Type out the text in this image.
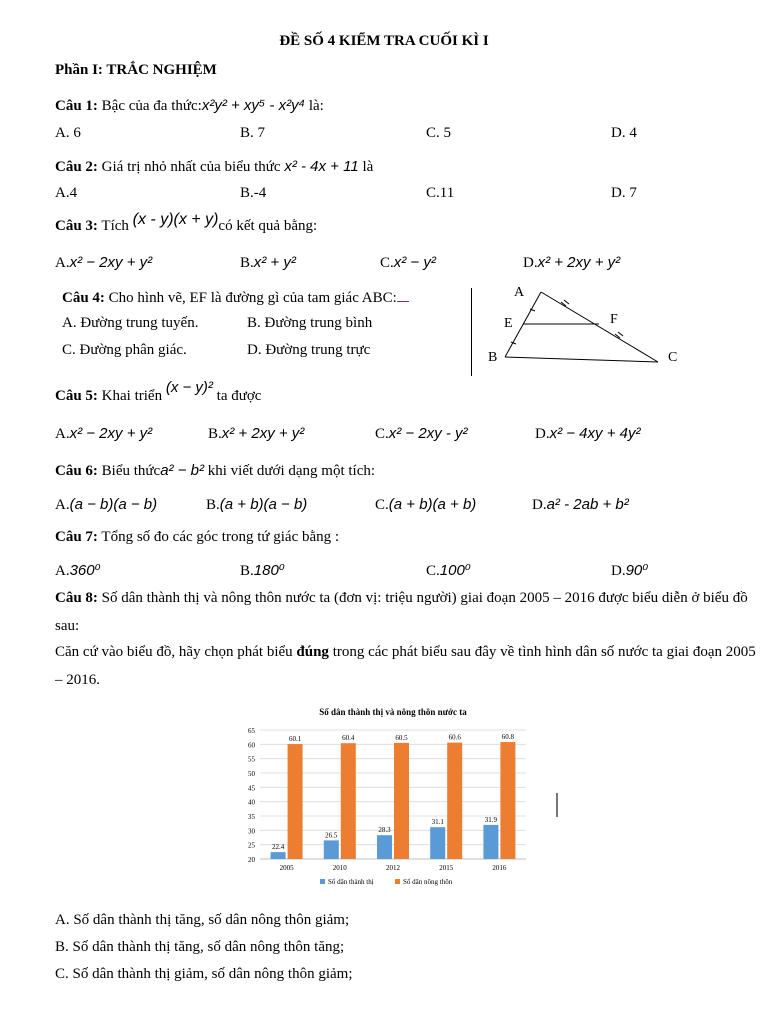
ĐỀ SỐ 4 KIỂM TRA CUỐI KÌ I
Phần I: TRẮC NGHIỆM
Câu 1: Bậc của đa thức:x²y² + xy⁵ - x²y⁴ là:
A. 6	B. 7	C. 5	D. 4
Câu 2: Giá trị nhỏ nhất của biểu thức x² - 4x + 11 là
A.4	B.-4	C.11	D. 7
Câu 3: Tích (x - y)(x + y)có kết quả bằng:
A.x² − 2xy + y²	B.x² + y²	C.x² − y²	D.x² + 2xy + y²
Câu 4: Cho hình vẽ, EF là đường gì của tam giác ABC:
A. Đường trung tuyến.	B. Đường trung bình
C. Đường phân giác.	D. Đường trung trực
A
E	F
B	C
Câu 5: Khai triển (x − y)² ta được
A.x² − 2xy + y²	B.x² + 2xy + y²	C.x² − 2xy - y²	D.x² − 4xy + 4y²
Câu 6: Biểu thứca² − b² khi viết dưới dạng một tích:
A.(a − b)(a − b)	B.(a + b)(a − b)	C.(a + b)(a + b)	D.a² - 2ab + b²
Câu 7: Tổng số đo các góc trong tứ giác bằng :
A.360⁰	B.180⁰	C.100⁰	D.90⁰
Câu 8: Số dân thành thị và nông thôn nước ta (đơn vị: triệu người) giai đoạn 2005 – 2016 được biểu diễn ở biểu đồ sau:
Căn cứ vào biểu đồ, hãy chọn phát biểu đúng trong các phát biểu sau đây về tình hình dân số nước ta giai đoạn 2005 – 2016.
Số dân thành thị và nông thôn nước ta
20
25
30
35
40
45
50
55
60
65
22.4
60.1
2005
26.5
60.4
2010
28.3
60.5
2012
31.1
60.6
2015
31.9
60.8
2016
Số dân thành thị	Số dân nông thôn
A. Số dân thành thị tăng, số dân nông thôn giảm;
B. Số dân thành thị tăng, số dân nông thôn tăng;
C. Số dân thành thị giảm, số dân nông thôn giảm;
